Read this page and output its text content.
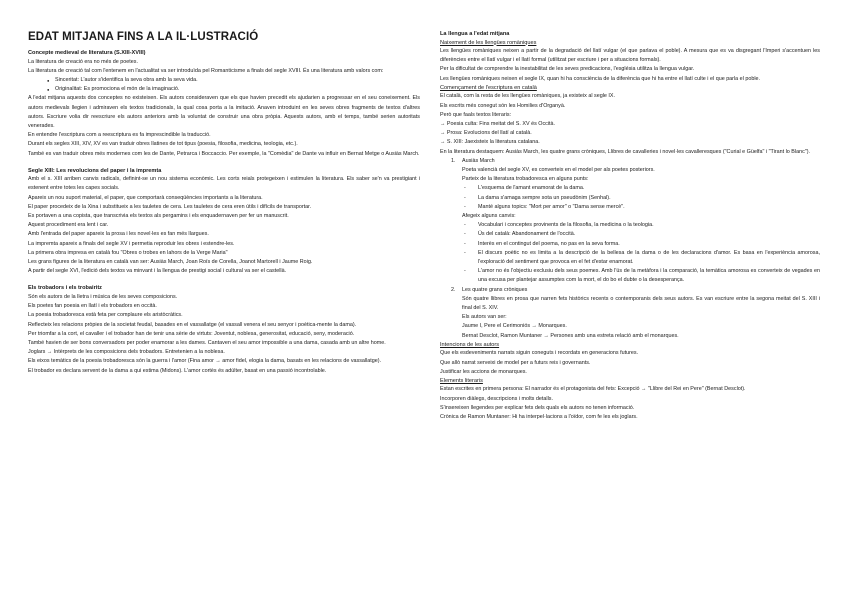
EDAT MITJANA FINS A LA IL·LUSTRACIÓ
Concepte medieval de literatura (S.XIII-XVIII)
La literatura de creació era no més de poetes.
La literatura de creació tal com l'entenem en l'actualitat va ser introduïda pel Romanticisme a finals del segle XVIII. És una literatura amb valors com:
● Sinceritat: L'autor s'identifica la seva obra amb la seva vida.
● Originalitat: Es promociona el món de la imaginació.
A l'edat mitjana aquests dos conceptes no existeixen. Els autors consideraven que els que havien precedit els ajudarien a progressar en el seu coneixement. Els autors medievals llegien i admiraven els textos tradicionals, la qual cosa porta a la imitació. Anaven introduint en les seves obres fragments de textos d'altres autors. Escriure volia dir reescriure els autors anteriors amb la voluntat de construir una obra pròpia. Aquests autors, amb el temps, també serien autoritats venerades.
En entendre l'escriptura com a reescriptura es fa imprescindible la traducció.
Durant els segles XIII, XIV, XV es van traduir obres llatines de tot tipus (poesia, filosofia, medicina, teologia, etc.).
També es van traduir obres més modernes com les de Dante, Petrarca i Boccaccio. Per exemple, la "Comèdia" de Dante va influir en Bernat Metge o Ausiàs March.
Segle XIII: Les revolucions del paper i la impremta
Amb el s. XIII arriben canvis radicals, definint-se un nou sistema econòmic. Les corts reials protegeixen i estimulen la literatura. Els saber se'n va prestigiant i estenent entre totes les capes socials.
Apareix un nou suport material, el paper, que comportarà conseqüències importants a la literatura.
El paper procedeix de la Xina i substitueix a les tauletes de cera. Les tauletes de cera eren útils i difícils de transportar.
Es portaven a una copista, que transcrivia els textos als pergamins i els enquadernaven per fer un manuscrit.
Aquest procediment era lent i car.
Amb l'entrada del paper apareix la prosa i les novel·les es fan més llargues.
La impremta apareix a finals del segle XV i permetia reproduir les obres i estendre-les.
La primera obra impresa en català fou "Obres o trobes en lahors de la Verge Maria"
Les grans figures de la literatura en català van ser: Ausiàs March, Joan Roís de Corella, Joanot Martorell i Jaume Roig.
A partir del segle XVI, l'edició dels textos va minvant i la llengua de prestigi social i cultural va ser el castellà.
Els trobadors i els trobairitz
Són els autors de la lletra i música de les seves composicions.
Els poetes fan poesia en llatí i els trobadors en occità.
La poesia trobadoresca està feta per complaure els aristòcràtics.
Reflecteix les relacions pròpies de la societat feudal, basades en el vassallatge (el vassall venera el seu senyor i poètica-mente la dama).
Per triomfar a la cort, el cavaller i el trobador han de tenir una sèrie de virtuts: Joventut, noblesa, generositat, educació, seny, moderació.
També havien de ser bons conversadors per poder enamorar a les dames. Cantaven el seu amor impossible a una dama, casada amb un altre home.
Joglars → Intèrprets de les composicions dels trobadors. Entretenien a la noblesa.
Els eixos temàtics de la poesia trobadoresca són la guerra i l'amor (Fina amor → amor fidel, elogia la dama, basats en les relacions de vassallatge).
El trobador es declara servent de la dama a qui estima (Midons). L'amor cortès és adúlter, basat en una passió incontrolable.
La llengua a l'edat mitjana
Naixement de les llengües romàniques
Les llengües romàniques neixen a partir de la degradació del llatí vulgar (el que parlava el poble). A mesura que es va disgregant l'Imperi s'accentuen les diferències entre el llatí vulgar i el llatí formal (utilitzat per escriure i per a situacions formals).
Per la dificultat de comprendre la inestabilitat de les seves predicacions, l'església utilitza la llengua vulgar.
Les llengües romàniques neixen el segle IX, quan hi ha consciència de la diferència que hi ha entre el llatí culte i el que parla el poble.
Començament de l'escriptura en català
El català, com la resta de les llengües romàniques, ja existeix al segle IX.
Els escrits més conegut són les Homilies d'Organyà.
Però que faals textos literaris:
→ Poesia culta: Fins meitat del S. XV és Occità.
→ Prosa: Evolucions del llatí al català.
→ S. XIII: Jaexisteix la literatura catalana.
En la literatura destaquem: Ausiàs March, les quatre grans cròniques, Llibres de cavalleries i novel·les cavalleresques ("Curial e Güelfa" i "Tirant lo Blanc").
1. Ausiàs March
Poeta valencià del segle XV, es converteix en el model per als poetes posteriors.
Parteix de la literatura trobadoresca en alguns punts:
- L'esquema de l'amant enamorat de la dama.
- La dama s'amaga sempre sota un pseudònim (Senhal).
- Manté alguns topics: "Mort per amor" o "Dama sense mercè".
Afegeix alguns canvis:
- Vocabulari i conceptes provinents de la filosofia, la medicina o la teologia.
- Ús del català: Abandonament de l'occità.
- Interès en el contingut del poema, no pas en la seva forma.
- El discurs poètic no es limita a la descripció de la bellesa de la dama o de les declaracions d'amor. Es basa en l'experiència amorosa, l'exploració del sentiment que provoca en el fet d'estar enamorat.
- L'amor no és l'objectiu exclusiu dels seus poemes. Amb l'ús de la metàfora i la comparació, la temàtica amorosa es converteix de vegades en una excusa per plantejar assumptes com la mort, el do bo el dubte o la desesperança.
2. Les quatre grans cròniques
Són quatre llibres en prosa que narren fets històrics recents o contemporanis dels seus autors. Es van escriure entre la segona meitat del S. XIII i final del S. XIV.
Els autors van ser:
Jaume I, Pere el Cerimoniós → Monarques.
Bernat Desclot, Ramon Muntaner → Persones amb una estreta relació amb el monarques.
Intencions de les autors
Que els esdeveniments narrats siguin coneguts i recordats en generacions futures.
Que allò narrat serveixi de model per a futurs reis i governants.
Justificar les accions de monarques.
Elements literaris
Estan escrites en primera persona: El narrador és el protagonista del fets: Excepció → "Llibre del Rei en Pere" (Bernat Desclot).
Incorporen diàlegs, descripcions i molts detalls.
S'insereixen llegendes per explicar fets dels quals els autors no tenen informació.
Crònica de Ramon Muntaner: Hi ha interpel·lacions a l'oïdor, com fe les els joglars.
